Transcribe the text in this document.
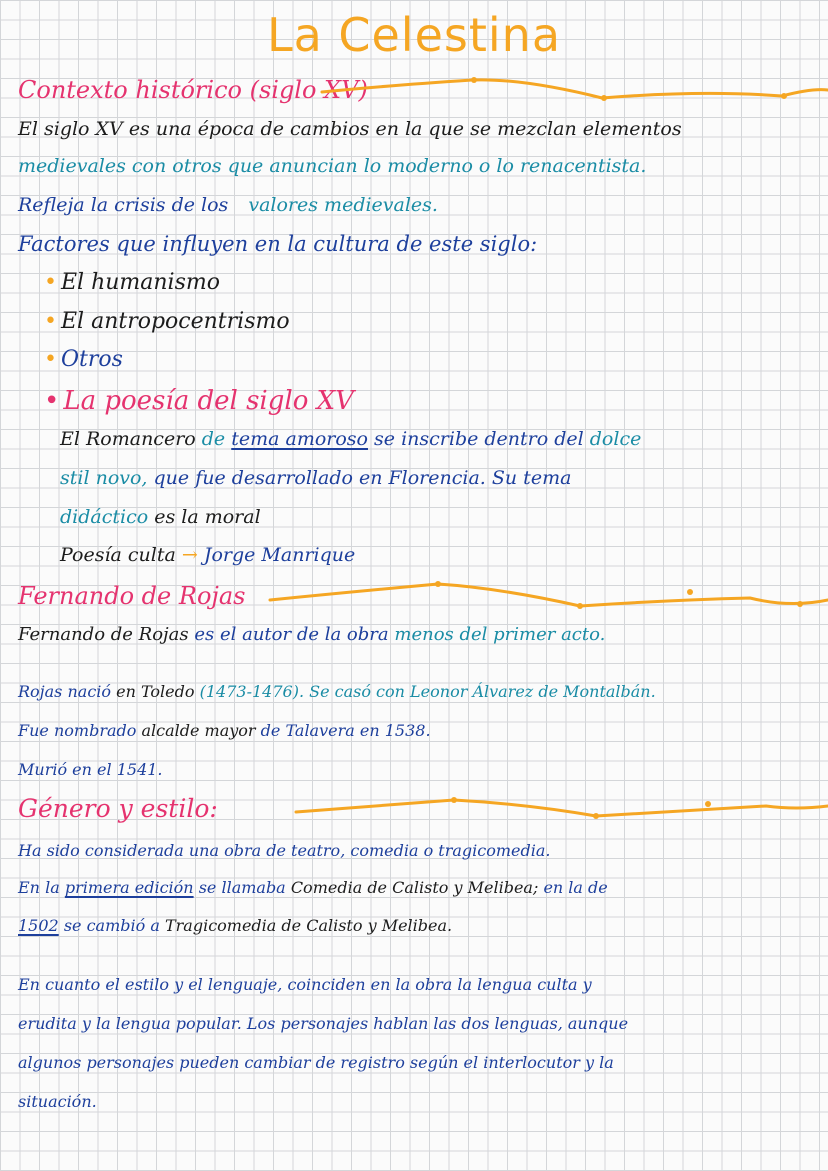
La Celestina
Contexto histórico (siglo XV)
El siglo XV es una época de cambios en la que se mezclan elementos
medievales con otros que anuncian lo moderno o lo renacentista.
Refleja la crisis de los valores medievales.
Factores que influyen en la cultura de este siglo:
• El humanismo
• El antropocentrismo
• Otros
• La poesía del siglo XV
El Romancero de tema amoroso se inscribe dentro del dolce
stil novo, que fue desarrollado en Florencia. Su tema
didáctico es la moral
Poesía culta → Jorge Manrique
Fernando de Rojas
Fernando de Rojas es el autor de la obra menos del primer acto.
Rojas nació en Toledo (1473-1476). Se casó con Leonor Álvarez de Montalbán.
Fue nombrado alcalde mayor de Talavera en 1538.
Murió en el 1541.
Género y estilo:
Ha sido considerada una obra de teatro, comedia o tragicomedia.
En la primera edición se llamaba Comedia de Calisto y Melibea; en la de
1502 se cambió a Tragicomedia de Calisto y Melibea.
En cuanto el estilo y el lenguaje, coinciden en la obra la lengua culta y
erudita y la lengua popular. Los personajes hablan las dos lenguas, aunque
algunos personajes pueden cambiar de registro según el interlocutor y la
situación.
